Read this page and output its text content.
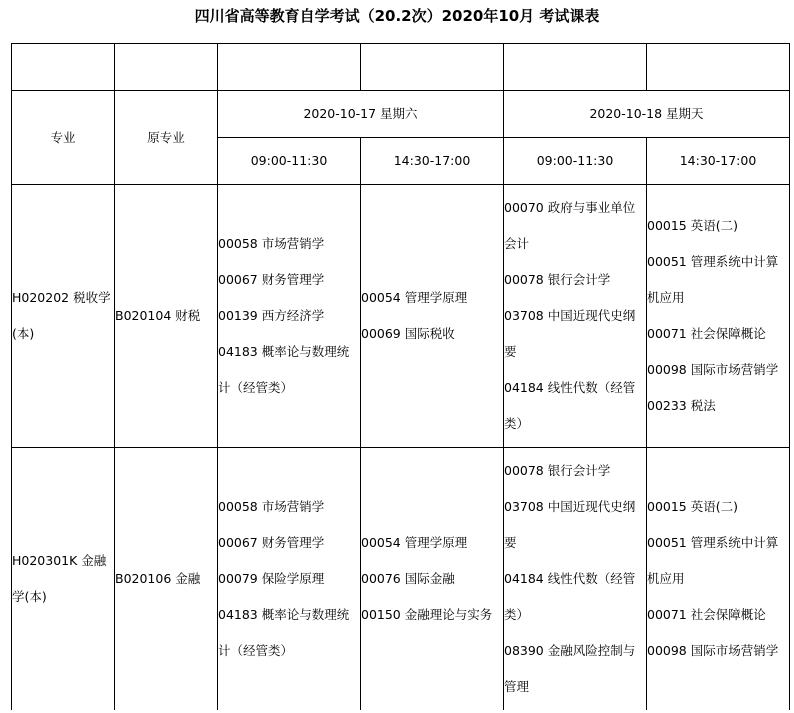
四川省高等教育自学考试（20.2次）2020年10月 考试课表

专业	原专业	2020-10-17 星期六		2020-10-18 星期天	
		09:00-11:30	14:30-17:00	09:00-11:30	14:30-17:00
H020202 税收学(本)	B020104 财税	00058 市场营销学
00067 财务管理学
00139 西方经济学
04183 概率论与数理统计（经管类）	00054 管理学原理
00069 国际税收	00070 政府与事业单位会计
00078 银行会计学
03708 中国近现代史纲要
04184 线性代数（经管类）	00015 英语(二)
00051 管理系统中计算机应用
00071 社会保障概论
00098 国际市场营销学
00233 税法

H020301K 金融学(本)	B020106 金融	00058 市场营销学
00067 财务管理学
00079 保险学原理
04183 概率论与数理统计（经管类）	00054 管理学原理
00076 国际金融
00150 金融理论与实务	00078 银行会计学
03708 中国近现代史纲要
04184 线性代数（经管类）
08390 金融风险控制与管理	00015 英语(二)
00051 管理系统中计算机应用
00071 社会保障概论
00098 国际市场营销学
